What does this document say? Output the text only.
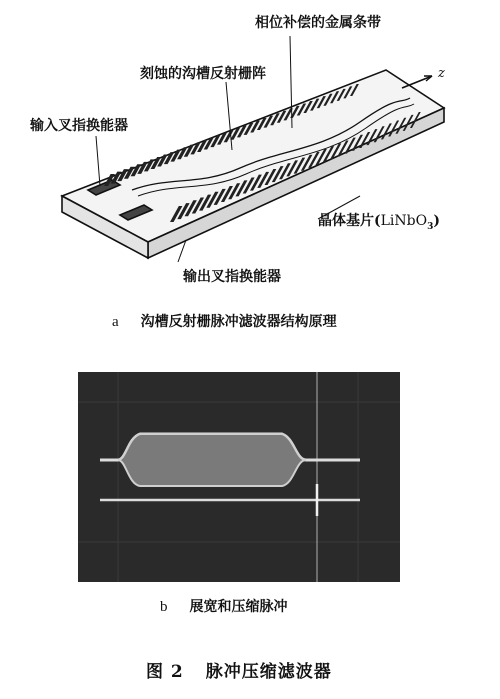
相位补偿的金属条带
刻蚀的沟槽反射栅阵
输入叉指换能器
z
晶体基片(LiNbO$_3$)
输出叉指换能器
a 沟槽反射栅脉冲滤波器结构原理
b 展宽和压缩脉冲
图 2 脉冲压缩滤波器
